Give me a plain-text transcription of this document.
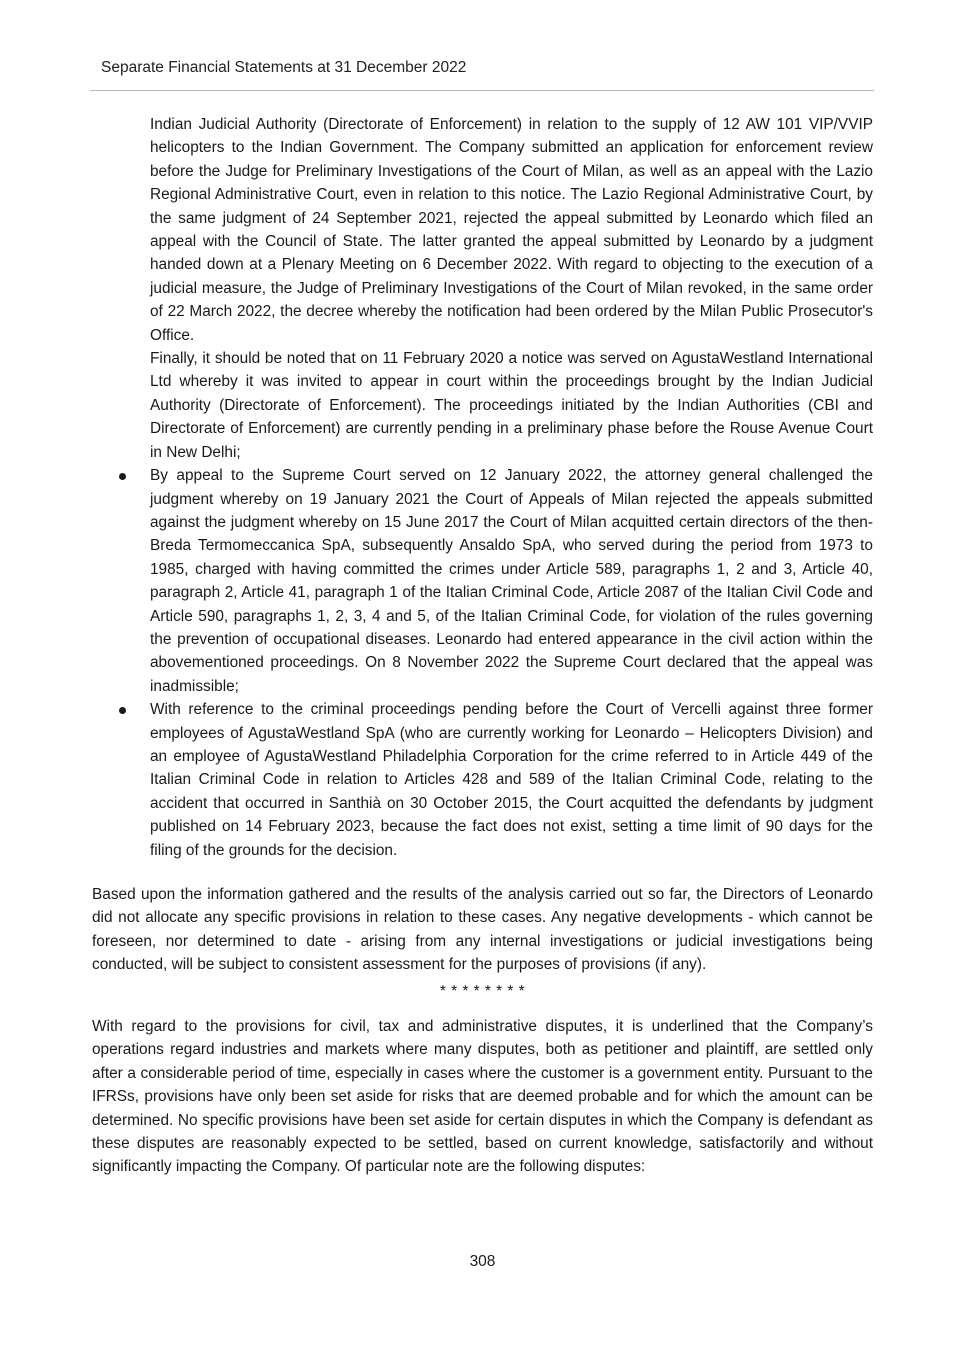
Separate Financial Statements at 31 December 2022

Indian Judicial Authority (Directorate of Enforcement) in relation to the supply of 12 AW 101 VIP/VVIP helicopters to the Indian Government. The Company submitted an application for enforcement review before the Judge for Preliminary Investigations of the Court of Milan, as well as an appeal with the Lazio Regional Administrative Court, even in relation to this notice. The Lazio Regional Administrative Court, by the same judgment of 24 September 2021, rejected the appeal submitted by Leonardo which filed an appeal with the Council of State. The latter granted the appeal submitted by Leonardo by a judgment handed down at a Plenary Meeting on 6 December 2022. With regard to objecting to the execution of a judicial measure, the Judge of Preliminary Investigations of the Court of Milan revoked, in the same order of 22 March 2022, the decree whereby the notification had been ordered by the Milan Public Prosecutor's Office.

Finally, it should be noted that on 11 February 2020 a notice was served on AgustaWestland International Ltd whereby it was invited to appear in court within the proceedings brought by the Indian Judicial Authority (Directorate of Enforcement). The proceedings initiated by the Indian Authorities (CBI and Directorate of Enforcement) are currently pending in a preliminary phase before the Rouse Avenue Court in New Delhi;

By appeal to the Supreme Court served on 12 January 2022, the attorney general challenged the judgment whereby on 19 January 2021 the Court of Appeals of Milan rejected the appeals submitted against the judgment whereby on 15 June 2017 the Court of Milan acquitted certain directors of the then-Breda Termomeccanica SpA, subsequently Ansaldo SpA, who served during the period from 1973 to 1985, charged with having committed the crimes under Article 589, paragraphs 1, 2 and 3, Article 40, paragraph 2, Article 41, paragraph 1 of the Italian Criminal Code, Article 2087 of the Italian Civil Code and Article 590, paragraphs 1, 2, 3, 4 and 5, of the Italian Criminal Code, for violation of the rules governing the prevention of occupational diseases. Leonardo had entered appearance in the civil action within the abovementioned proceedings. On 8 November 2022 the Supreme Court declared that the appeal was inadmissible;
With reference to the criminal proceedings pending before the Court of Vercelli against three former employees of AgustaWestland SpA (who are currently working for Leonardo – Helicopters Division) and an employee of AgustaWestland Philadelphia Corporation for the crime referred to in Article 449 of the Italian Criminal Code in relation to Articles 428 and 589 of the Italian Criminal Code, relating to the accident that occurred in Santhià on 30 October 2015, the Court acquitted the defendants by judgment published on 14 February 2023, because the fact does not exist, setting a time limit of 90 days for the filing of the grounds for the decision.

Based upon the information gathered and the results of the analysis carried out so far, the Directors of Leonardo did not allocate any specific provisions in relation to these cases. Any negative developments - which cannot be foreseen, nor determined to date - arising from any internal investigations or judicial investigations being conducted, will be subject to consistent assessment for the purposes of provisions (if any).

* * * * * * * *

With regard to the provisions for civil, tax and administrative disputes, it is underlined that the Company’s operations regard industries and markets where many disputes, both as petitioner and plaintiff, are settled only after a considerable period of time, especially in cases where the customer is a government entity. Pursuant to the IFRSs, provisions have only been set aside for risks that are deemed probable and for which the amount can be determined. No specific provisions have been set aside for certain disputes in which the Company is defendant as these disputes are reasonably expected to be settled, based on current knowledge, satisfactorily and without significantly impacting the Company. Of particular note are the following disputes:

308
